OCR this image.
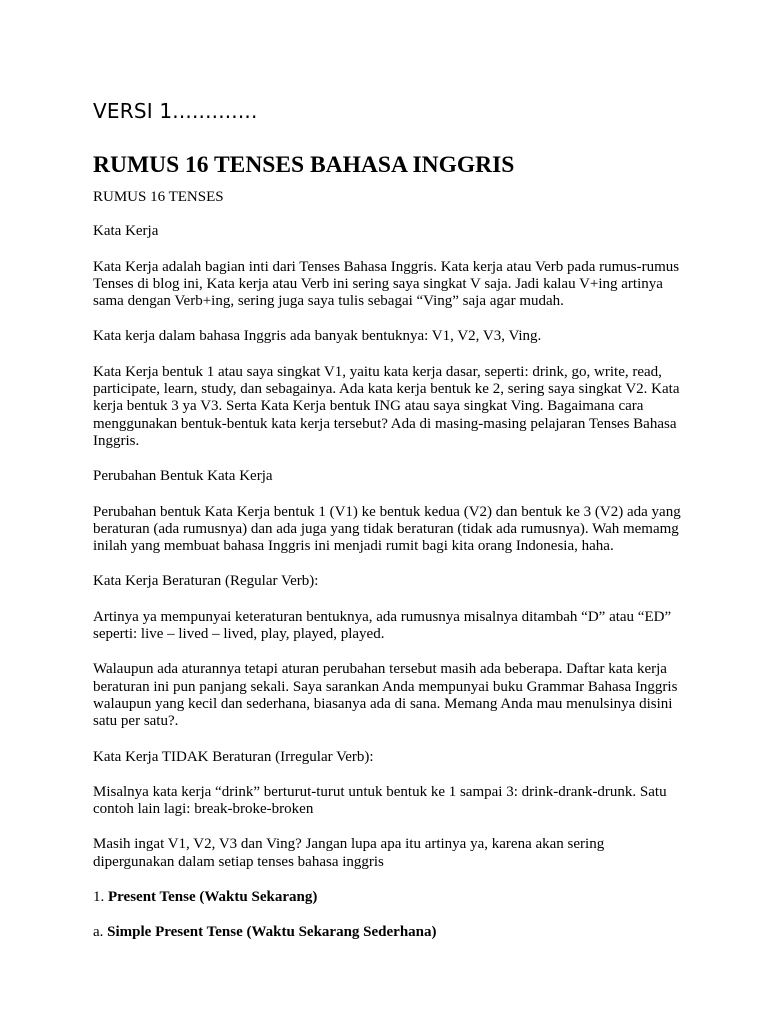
VERSI 1.............
RUMUS 16 TENSES BAHASA INGGRIS

RUMUS 16 TENSES

Kata Kerja

Kata Kerja adalah bagian inti dari Tenses Bahasa Inggris. Kata kerja atau Verb pada rumus-rumus Tenses di blog ini, Kata kerja atau Verb ini sering saya singkat V saja. Jadi kalau V+ing artinya sama dengan Verb+ing, sering juga saya tulis sebagai “Ving” saja agar mudah.

Kata kerja dalam bahasa Inggris ada banyak bentuknya: V1, V2, V3, Ving.

Kata Kerja bentuk 1 atau saya singkat V1, yaitu kata kerja dasar, seperti: drink, go, write, read, participate, learn, study, dan sebagainya. Ada kata kerja bentuk ke 2, sering saya singkat V2. Kata kerja bentuk 3 ya V3. Serta Kata Kerja bentuk ING atau saya singkat Ving. Bagaimana cara menggunakan bentuk-bentuk kata kerja tersebut? Ada di masing-masing pelajaran Tenses Bahasa Inggris.

Perubahan Bentuk Kata Kerja

Perubahan bentuk Kata Kerja bentuk 1 (V1) ke bentuk kedua (V2) dan bentuk ke 3 (V2) ada yang beraturan (ada rumusnya) dan ada juga yang tidak beraturan (tidak ada rumusnya). Wah memamg inilah yang membuat bahasa Inggris ini menjadi rumit bagi kita orang Indonesia, haha.

Kata Kerja Beraturan (Regular Verb):

Artinya ya mempunyai keteraturan bentuknya, ada rumusnya misalnya ditambah “D” atau “ED” seperti: live – lived – lived, play, played, played.

Walaupun ada aturannya tetapi aturan perubahan tersebut masih ada beberapa. Daftar kata kerja beraturan ini pun panjang sekali. Saya sarankan Anda mempunyai buku Grammar Bahasa Inggris walaupun yang kecil dan sederhana, biasanya ada di sana. Memang Anda mau menulsinya disini satu per satu?.

Kata Kerja TIDAK Beraturan (Irregular Verb):

Misalnya kata kerja “drink” berturut-turut untuk bentuk ke 1 sampai 3: drink-drank-drunk. Satu contoh lain lagi: break-broke-broken

Masih ingat V1, V2, V3 dan Ving? Jangan lupa apa itu artinya ya, karena akan sering dipergunakan dalam setiap tenses bahasa inggris

1. Present Tense (Waktu Sekarang)

a. Simple Present Tense (Waktu Sekarang Sederhana)
